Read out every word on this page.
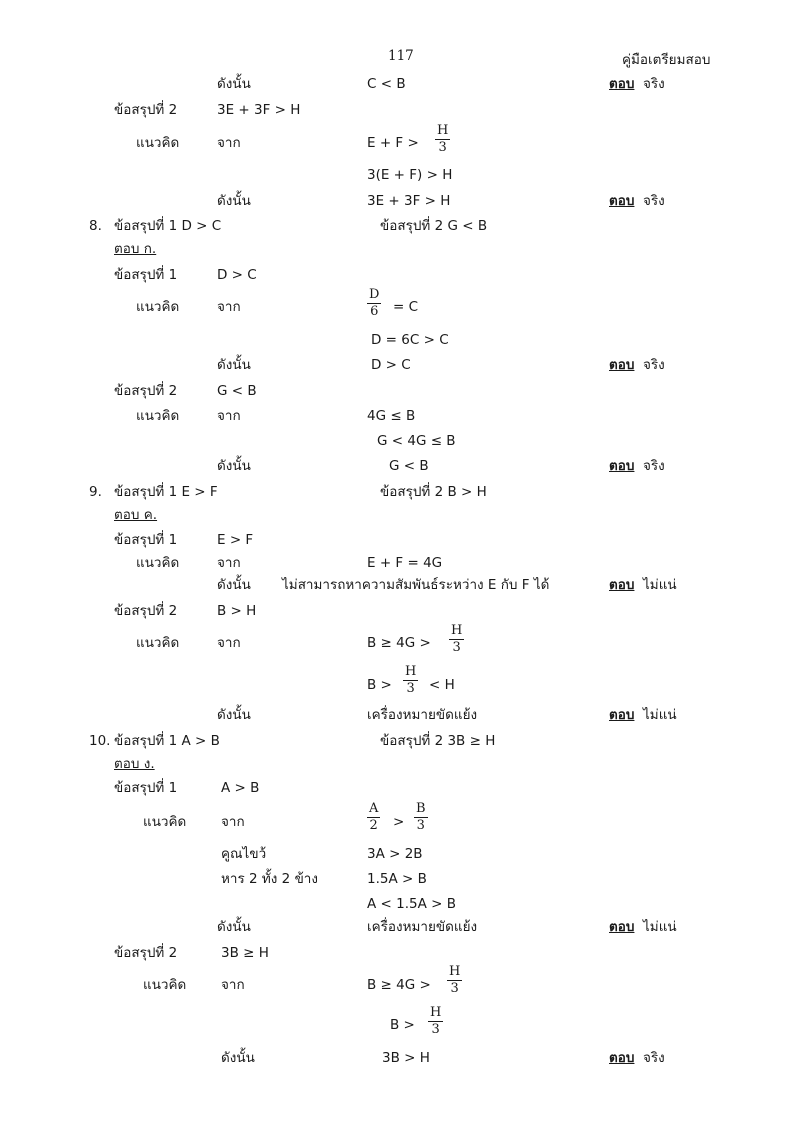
117	คู่มือเตรียมสอบ
ดังนั้น	C < B	ตอบ จริง
ข้อสรุปที่ 2	3E + 3F > H
แนวคิด	จาก	$E + F > \frac{H}{3}$
3(E + F) > H
ดังนั้น	3E + 3F > H	ตอบ จริง
8. ข้อสรุปที่ 1 D > C	ข้อสรุปที่ 2 G < B
ตอบ ก.
ข้อสรุปที่ 1	D > C
แนวคิด	จาก	$\frac{D}{6} = C$
D = 6C > C
ดังนั้น	D > C	ตอบ จริง
ข้อสรุปที่ 2	G < B
แนวคิด	จาก	4G ≤ B
G < 4G ≤ B
ดังนั้น	G < B	ตอบ จริง
9. ข้อสรุปที่ 1 E > F	ข้อสรุปที่ 2 B > H
ตอบ ค.
ข้อสรุปที่ 1	E > F
แนวคิด	จาก	E + F = 4G
ดังนั้น ไม่สามารถหาความสัมพันธ์ระหว่าง E กับ F ได้	ตอบ ไม่แน่
ข้อสรุปที่ 2	B > H
แนวคิด	จาก	$B \ge 4G > \frac{H}{3}$
$B > \frac{H}{3} < H$
ดังนั้น	เครื่องหมายขัดแย้ง	ตอบ ไม่แน่
10. ข้อสรุปที่ 1 A > B	ข้อสรุปที่ 2 3B ≥ H
ตอบ ง.
ข้อสรุปที่ 1	A > B
แนวคิด	จาก	$\frac{A}{2} > \frac{B}{3}$
คูณไขว้	3A > 2B
หาร 2 ทั้ง 2 ข้าง	1.5A > B
A < 1.5A > B
ดังนั้น	เครื่องหมายขัดแย้ง	ตอบ ไม่แน่
ข้อสรุปที่ 2	3B ≥ H
แนวคิด	จาก	$B \ge 4G > \frac{H}{3}$
$B > \frac{H}{3}$
ดังนั้น	3B > H	ตอบ จริง
